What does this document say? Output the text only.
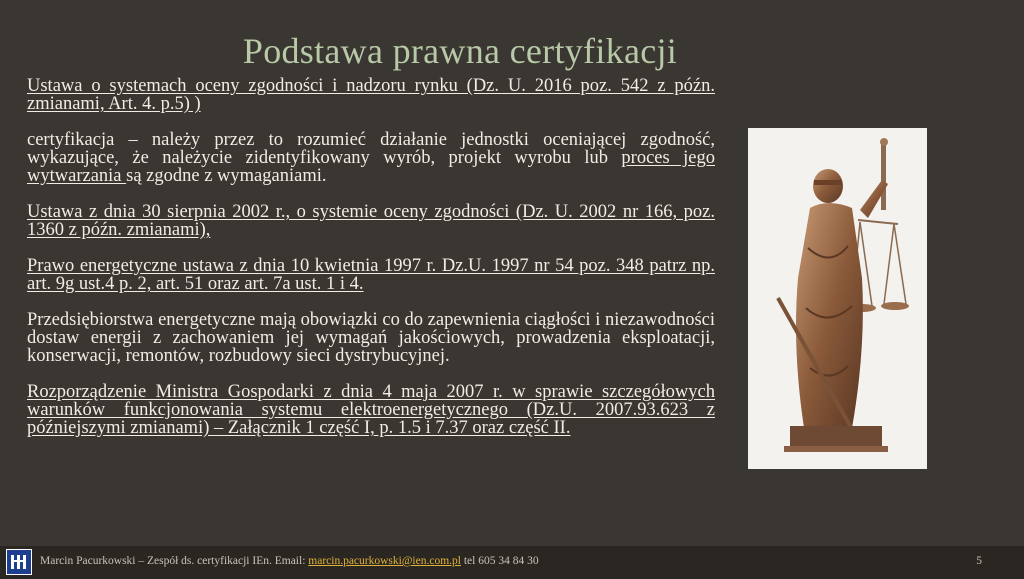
Podstawa prawna certyfikacji

Ustawa o systemach oceny zgodności i nadzoru rynku (Dz. U. 2016 poz. 542 z późn. zmianami, Art. 4. p.5) )

certyfikacja – należy przez to rozumieć działanie jednostki oceniającej zgodność, wykazujące, że należycie zidentyfikowany wyrób, projekt wyrobu lub proces jego wytwarzania są zgodne z wymaganiami.

Ustawa z dnia 30 sierpnia 2002 r., o systemie oceny zgodności (Dz. U. 2002 nr 166, poz. 1360 z późn. zmianami),

Prawo energetyczne ustawa z dnia 10 kwietnia 1997 r. Dz.U. 1997 nr 54 poz. 348 patrz np. art. 9g ust.4 p. 2, art. 51 oraz art. 7a ust. 1 i 4.

Przedsiębiorstwa energetyczne mają obowiązki co do zapewnienia ciągłości i niezawodności dostaw energii z zachowaniem jej wymagań jakościowych, prowadzenia eksploatacji, konserwacji, remontów, rozbudowy sieci dystrybucyjnej.

Rozporządzenie Ministra Gospodarki z dnia 4 maja 2007 r. w sprawie szczegółowych warunków funkcjonowania systemu elektroenergetycznego (Dz.U. 2007.93.623 z późniejszymi zmianami) – Załącznik 1 część I, p. 1.5 i 7.37 oraz część II.

Marcin Pacurkowski – Zespół ds. certyfikacji IEn. Email: marcin.pacurkowski@ien.com.pl tel 605 34 84 30	5
